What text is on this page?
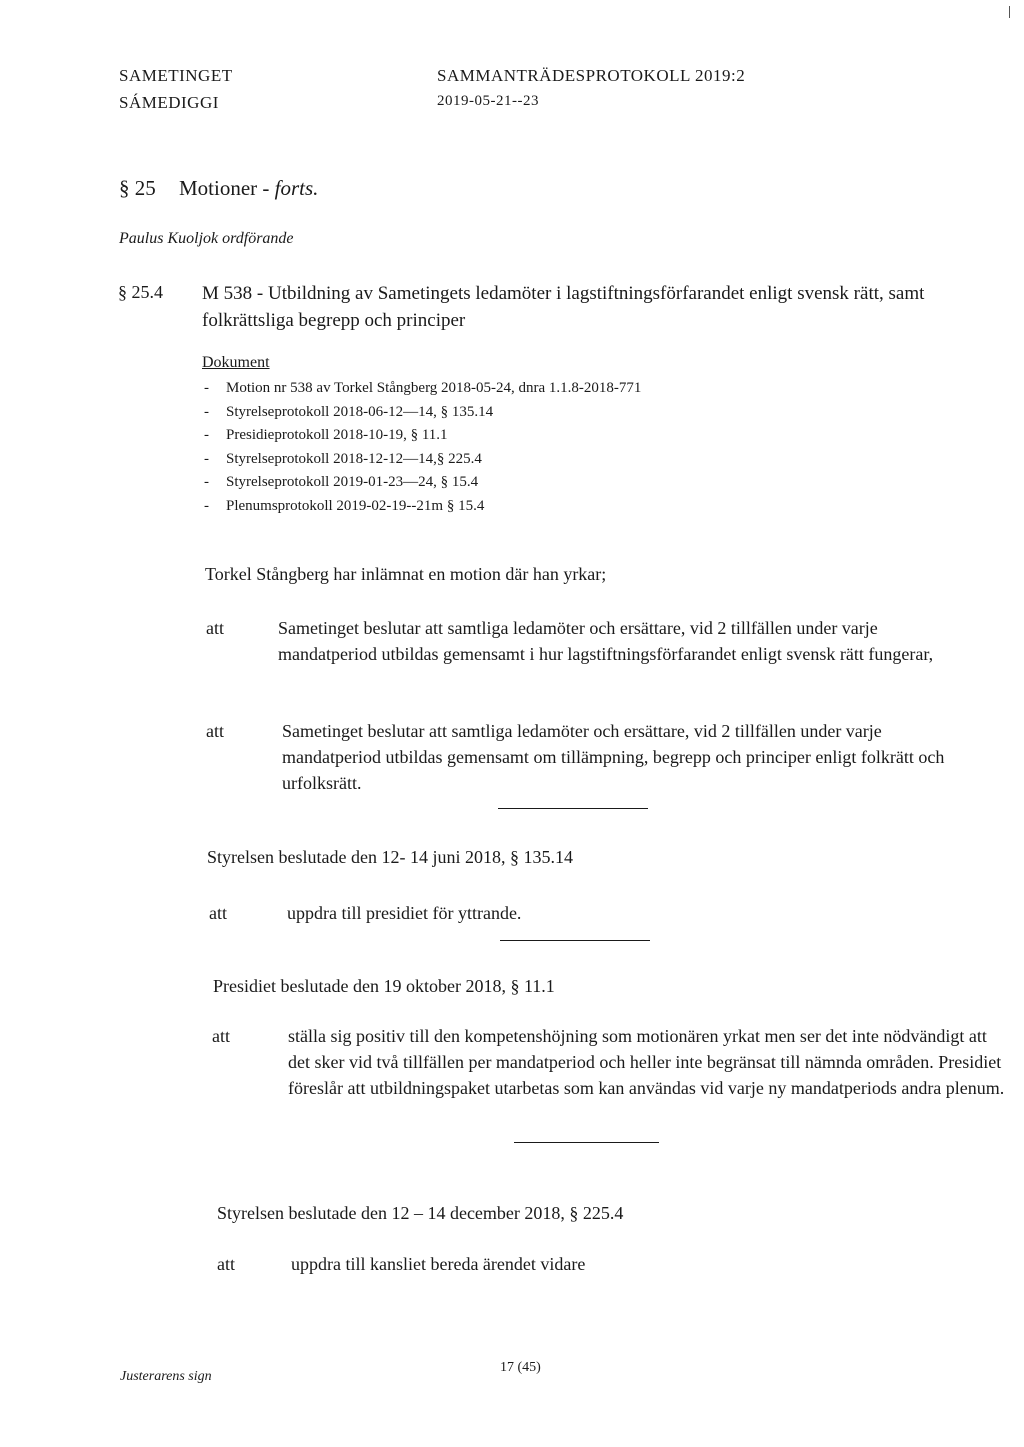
SAMETINGET
SÁMEDIGGI
SAMMANTRÄDESPROTOKOLL 2019:2
2019-05-21--23
§ 25 Motioner - forts.
Paulus Kuoljok ordförande
§ 25.4 M 538 - Utbildning av Sametingets ledamöter i lagstiftningsförfarandet enligt svensk rätt, samt folkrättsliga begrepp och principer
Dokument
- Motion nr 538 av Torkel Stångberg 2018-05-24, dnra 1.1.8-2018-771
- Styrelseprotokoll 2018-06-12—14, § 135.14
- Presidieprotokoll 2018-10-19, § 11.1
- Styrelseprotokoll 2018-12-12—14,§ 225.4
- Styrelseprotokoll 2019-01-23—24, § 15.4
- Plenumsprotokoll 2019-02-19--21m § 15.4
Torkel Stångberg har inlämnat en motion där han yrkar;
att	Sametinget beslutar att samtliga ledamöter och ersättare, vid 2 tillfällen under varje mandatperiod utbildas gemensamt i hur lagstiftningsförfarandet enligt svensk rätt fungerar,
att	Sametinget beslutar att samtliga ledamöter och ersättare, vid 2 tillfällen under varje mandatperiod utbildas gemensamt om tillämpning, begrepp och principer enligt folkrätt och urfolksrätt.
Styrelsen beslutade den 12- 14 juni 2018, § 135.14
att	uppdra till presidiet för yttrande.
Presidiet beslutade den 19 oktober 2018, § 11.1
att	ställa sig positiv till den kompetenshöjning som motionären yrkat men ser det inte nödvändigt att det sker vid två tillfällen per mandatperiod och heller inte begränsat till nämnda områden. Presidiet föreslår att utbildningspaket utarbetas som kan användas vid varje ny mandatperiods andra plenum.
Styrelsen beslutade den 12 – 14 december 2018, § 225.4
att	uppdra till kansliet bereda ärendet vidare
Justerarens sign
17 (45)
